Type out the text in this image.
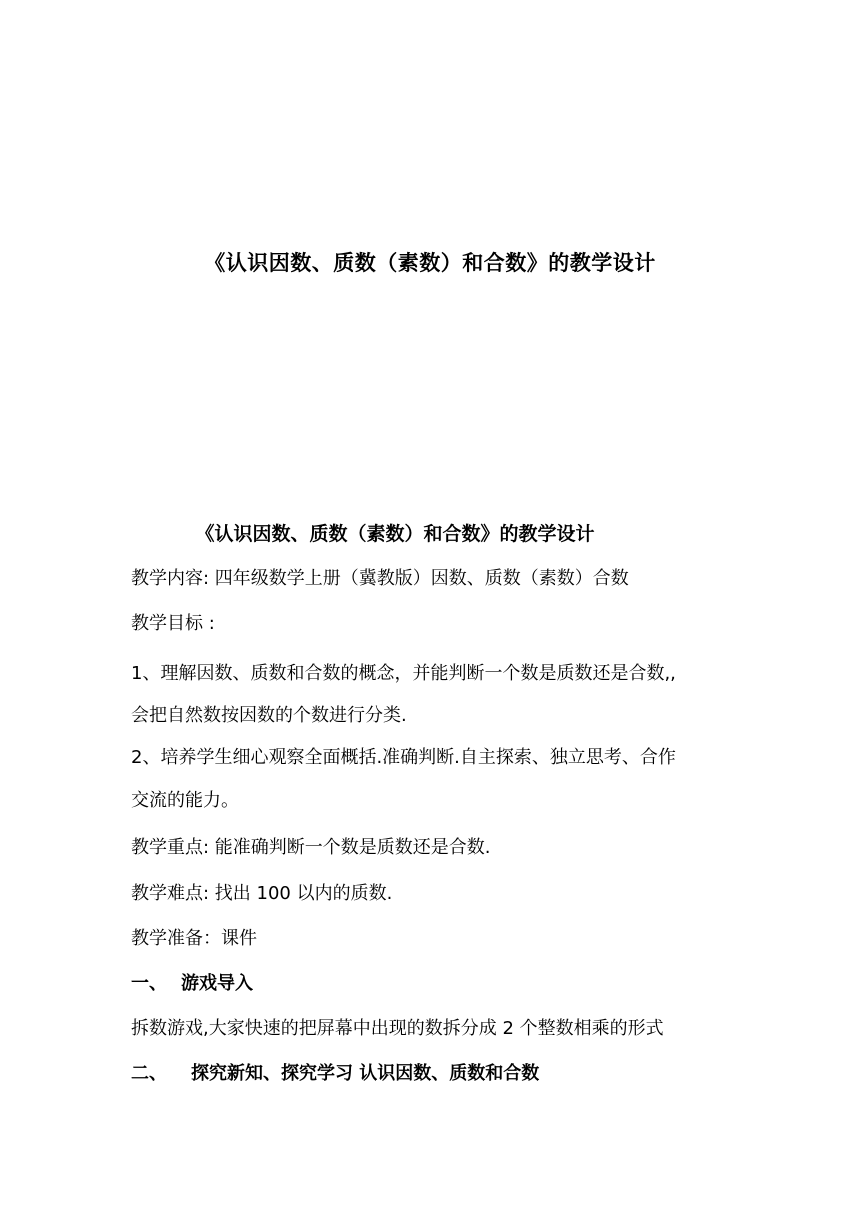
《认识因数、质数（素数）和合数》的教学设计
《认识因数、质数（素数）和合数》的教学设计
教学内容: 四年级数学上册（冀教版）因数、质数（素数）合数
教学目标 :
1、理解因数、质数和合数的概念，并能判断一个数是质数还是合数,,
会把自然数按因数的个数进行分类.
2、培养学生细心观察全面概括.准确判断.自主探索、独立思考、合作
交流的能力。
教学重点: 能准确判断一个数是质数还是合数.
教学难点: 找出 100 以内的质数.
教学准备：课件
一、 游戏导入
拆数游戏,大家快速的把屏幕中出现的数拆分成 2 个整数相乘的形式
二、 探究新知、探究学习 认识因数、质数和合数
